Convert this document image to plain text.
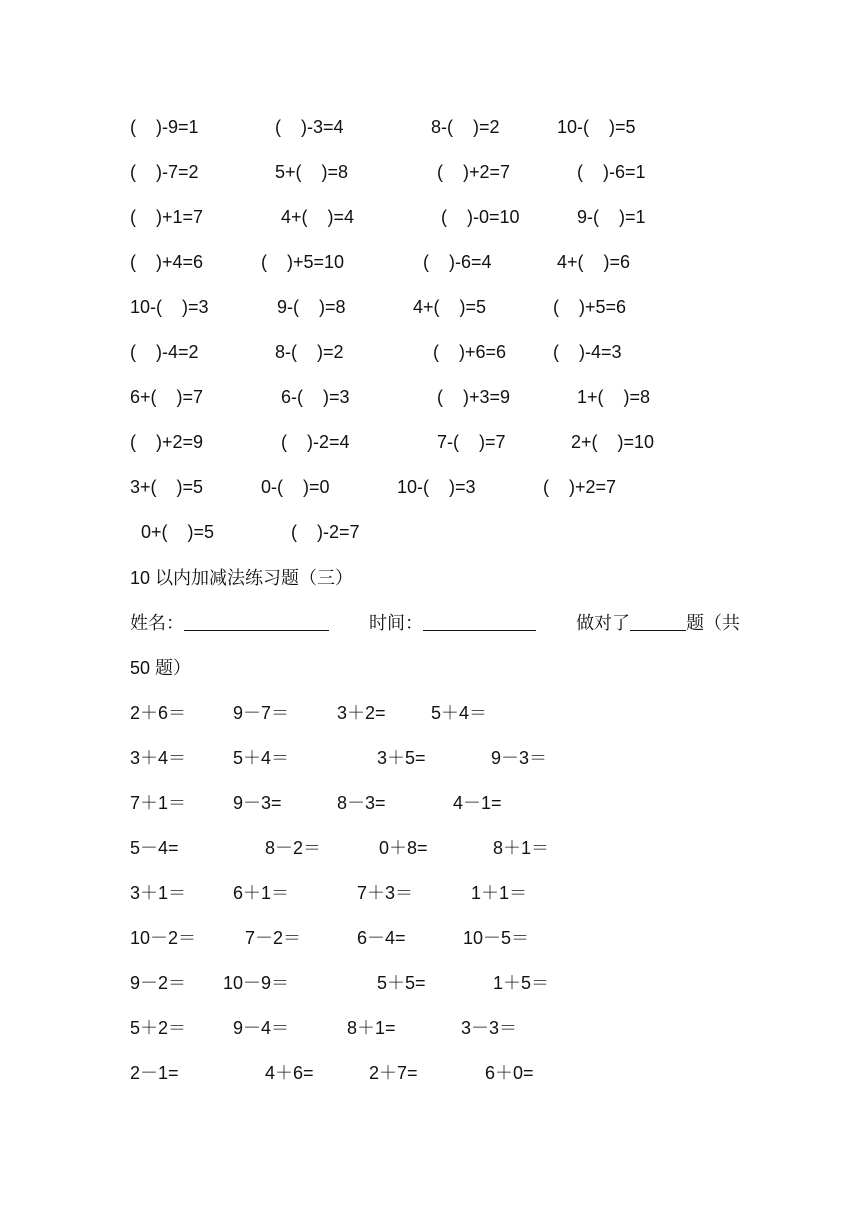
(    )-9=1	(    )-3=4	8-(    )=2	10-(    )=5
(    )-7=2	5+(    )=8	(    )+2=7	(    )-6=1
(    )+1=7	4+(    )=4	(    )-0=10	9-(    )=1
(    )+4=6	(    )+5=10	(    )-6=4	4+(    )=6
10-(    )=3	9-(    )=8	4+(    )=5	(    )+5=6
(    )-4=2	8-(    )=2	(    )+6=6	(    )-4=3
6+(    )=7	6-(    )=3	(    )+3=9	1+(    )=8
(    )+2=9	(    )-2=4	7-(    )=7	2+(    )=10
3+(    )=5	0-(    )=0	10-(    )=3	(    )+2=7
0+(    )=5	(    )-2=7
10 以内加减法练习题（三）
姓名：	时间：	做对了	题（共
50 题）
2＋6＝	9－7＝	3＋2=	5＋4＝
3＋4＝	5＋4＝	3＋5=	9－3＝
7＋1＝	9－3=	8－3=	4－1=
5－4=	8－2＝	0＋8=	8＋1＝
3＋1＝	6＋1＝	7＋3＝	1＋1＝
10－2＝	7－2＝	6－4=	10－5＝
9－2＝ 10－9＝	5＋5=	1＋5＝
5＋2＝	9－4＝	8＋1=	3－3＝
2－1=	4＋6=	2＋7=	6＋0=
